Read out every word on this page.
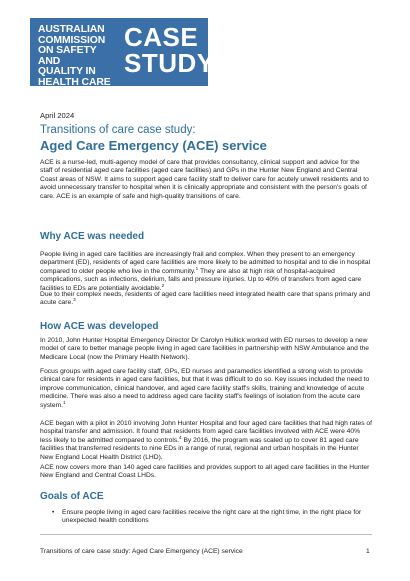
AUSTRALIAN
COMMISSION
ON SAFETY AND
QUALITY IN
HEALTH CARE
CASE
STUDY
April 2024
Transitions of care case study:
Aged Care Emergency (ACE) service

ACE is a nurse-led, multi-agency model of care that provides consultancy, clinical support and advice for the staff of residential aged care facilities (aged care facilities) and GPs in the Hunter New England and Central Coast areas of NSW. It aims to support aged care facility staff to deliver care for acutely unwell residents and to avoid unnecessary transfer to hospital when it is clinically appropriate and consistent with the person's goals of care. ACE is an example of safe and high-quality transitions of care.

Why ACE was needed

People living in aged care facilities are increasingly frail and complex. When they present to an emergency department (ED), residents of aged care facilities are more likely to be admitted to hospital and to die in hospital compared to older people who live in the community.$^1$ They are also at high risk of hospital-acquired complications, such as infections, delirium, falls and pressure injuries. Up to 40% of transfers from aged care facilities to EDs are potentially avoidable.$^2$

Due to their complex needs, residents of aged care facilities need integrated health care that spans primary and acute care.$^3$

How ACE was developed

In 2010, John Hunter Hospital Emergency Director Dr Carolyn Hullick worked with ED nurses to develop a new model of care to better manage people living in aged care facilities in partnership with NSW Ambulance and the Medicare Local (now the Primary Health Network).

Focus groups with aged care facility staff, GPs, ED nurses and paramedics identified a strong wish to provide clinical care for residents in aged care facilities, but that it was difficult to do so. Key issues included the need to improve communication, clinical handover, and aged care facility staff's skills, training and knowledge of acute medicine. There was also a need to address aged care facility staff's feelings of isolation from the acute care system.$^1$

ACE began with a pilot in 2010 involving John Hunter Hospital and four aged care facilities that had high rates of hospital transfer and admission. It found that residents from aged care facilities involved with ACE were 40% less likely to be admitted compared to controls.$^4$ By 2016, the program was scaled up to cover 81 aged care facilities that transferred residents to nine EDs in a range of rural, regional and urban hospitals in the Hunter New England Local Health District (LHD).

ACE now covers more than 140 aged care facilities and provides support to all aged care facilities in the Hunter New England and Central Coast LHDs.

Goals of ACE
•	Ensure people living in aged care facilities receive the right care at the right time, in the right place for unexpected health conditions
Transitions of care case study: Aged Care Emergency (ACE) service	1
